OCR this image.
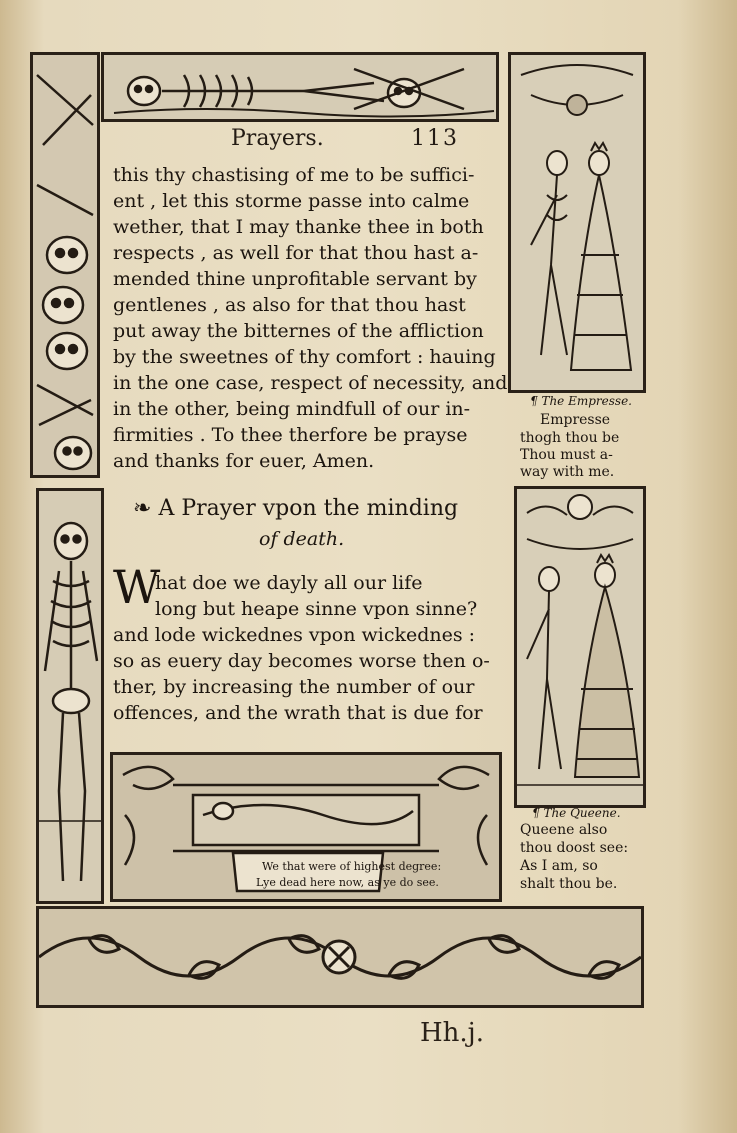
¶ The Empresse.
Empresse
thogh thou be
Thou must a-
way with me.
¶ The Queene.
Queene also
thou doost see:
As I am, so
shalt thou be.
We that were of highest degree:
Lye dead here now, as ye do see.
Prayers.	113
this thy chastising of me to be suffici-
ent , let this storme passe into calme
wether, that I may thanke thee in both
respects , as well for that thou hast a-
mended thine unprofitable servant by
gentlenes , as also for that thou hast
put away the bitternes of the affliction
by the sweetnes of thy comfort : hauing
in the one case, respect of necessity, and
in the other, being mindfull of our in-
firmities . To thee therfore be prayse
and thanks for euer, Amen.
❧ A Prayer vpon the minding
of death.
W
hat doe we dayly all our life
long but heape sinne vpon sinne?
and lode wickednes vpon wickednes :
so as euery day becomes worse then o-
ther, by increasing the number of our
offences, and the wrath that is due for
Hh.j.
